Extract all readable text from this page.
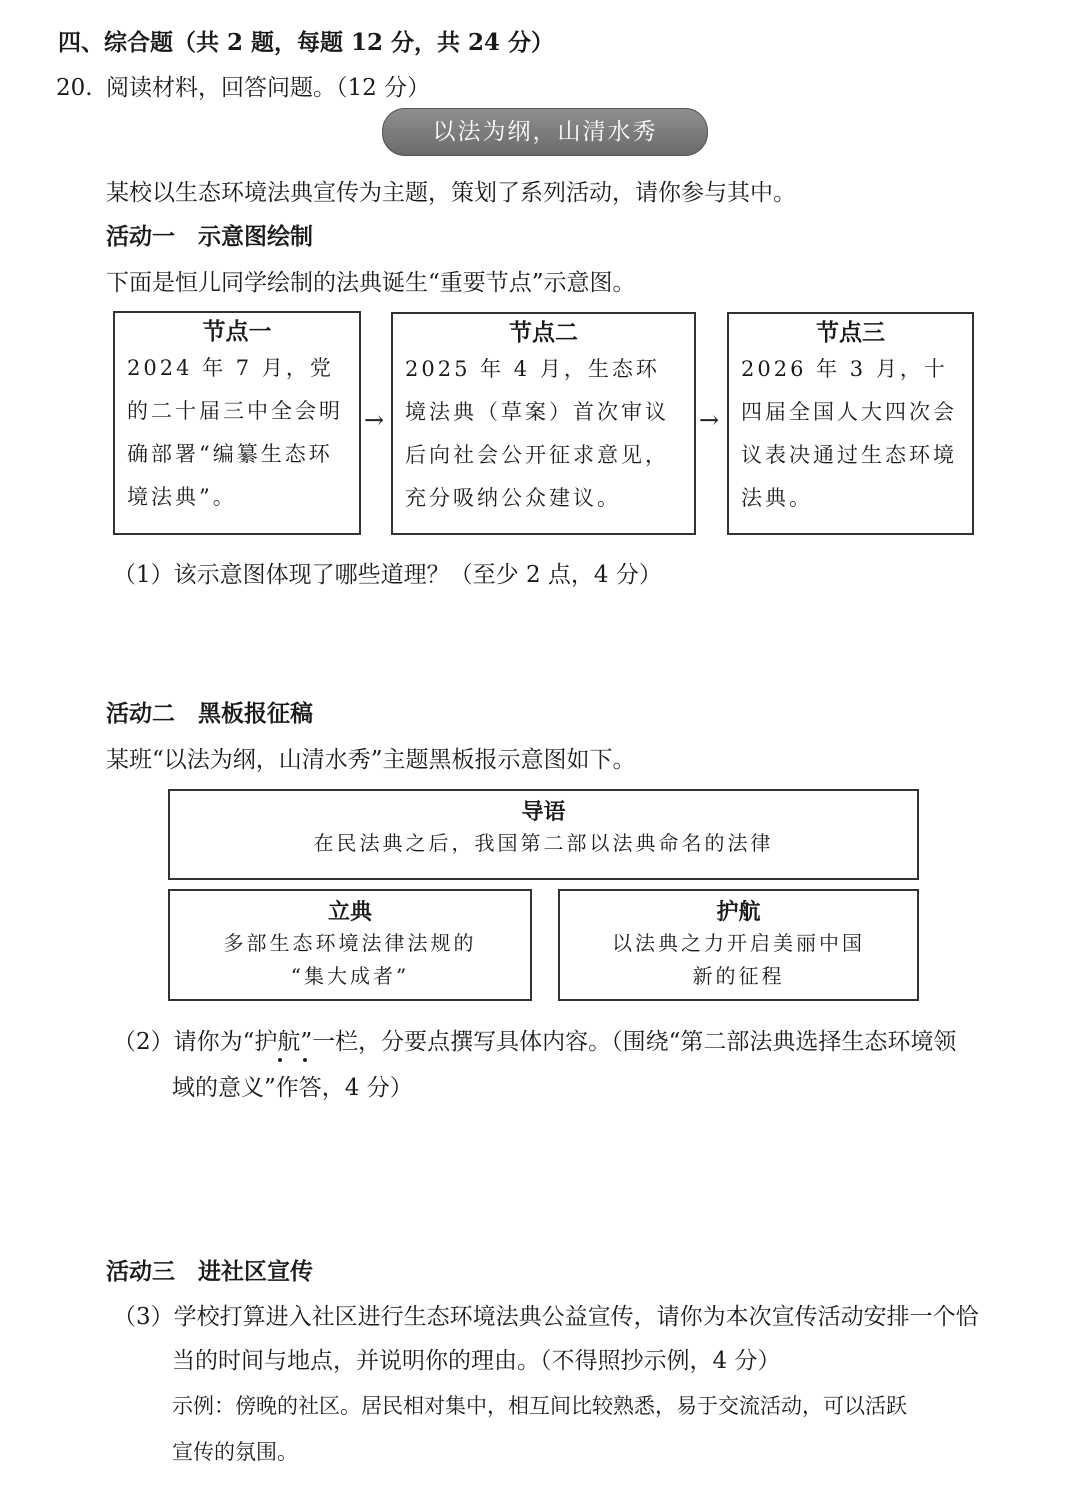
四、综合题（共 2 题，每题 12 分，共 24 分）
20. 阅读材料，回答问题。（12 分）
以法为纲，山清水秀
某校以生态环境法典宣传为主题，策划了系列活动，请你参与其中。
活动一　示意图绘制
下面是恒儿同学绘制的法典诞生“重要节点”示意图。
节点一
2024 年 7 月，党的二十届三中全会明确部署“编纂生态环境法典”。
→
节点二
2025 年 4 月，生态环境法典（草案）首次审议后向社会公开征求意见，充分吸纳公众建议。
→
节点三
2026 年 3 月，十四届全国人大四次会议表决通过生态环境法典。
（1）该示意图体现了哪些道理？（至少 2 点，4 分）
活动二　黑板报征稿
某班“以法为纲，山清水秀”主题黑板报示意图如下。
导语
在民法典之后，我国第二部以法典命名的法律
立典
多部生态环境法律法规的
“集大成者”
护航
以法典之力开启美丽中国
新的征程
（2）请你为“护航”一栏，分要点撰写具体内容。（围绕“第二部法典选择生态环境领
域的意义”作答，4 分）
活动三　进社区宣传
（3）学校打算进入社区进行生态环境法典公益宣传，请你为本次宣传活动安排一个恰
当的时间与地点，并说明你的理由。（不得照抄示例，4 分）
示例：傍晚的社区。居民相对集中，相互间比较熟悉，易于交流活动，可以活跃
宣传的氛围。
